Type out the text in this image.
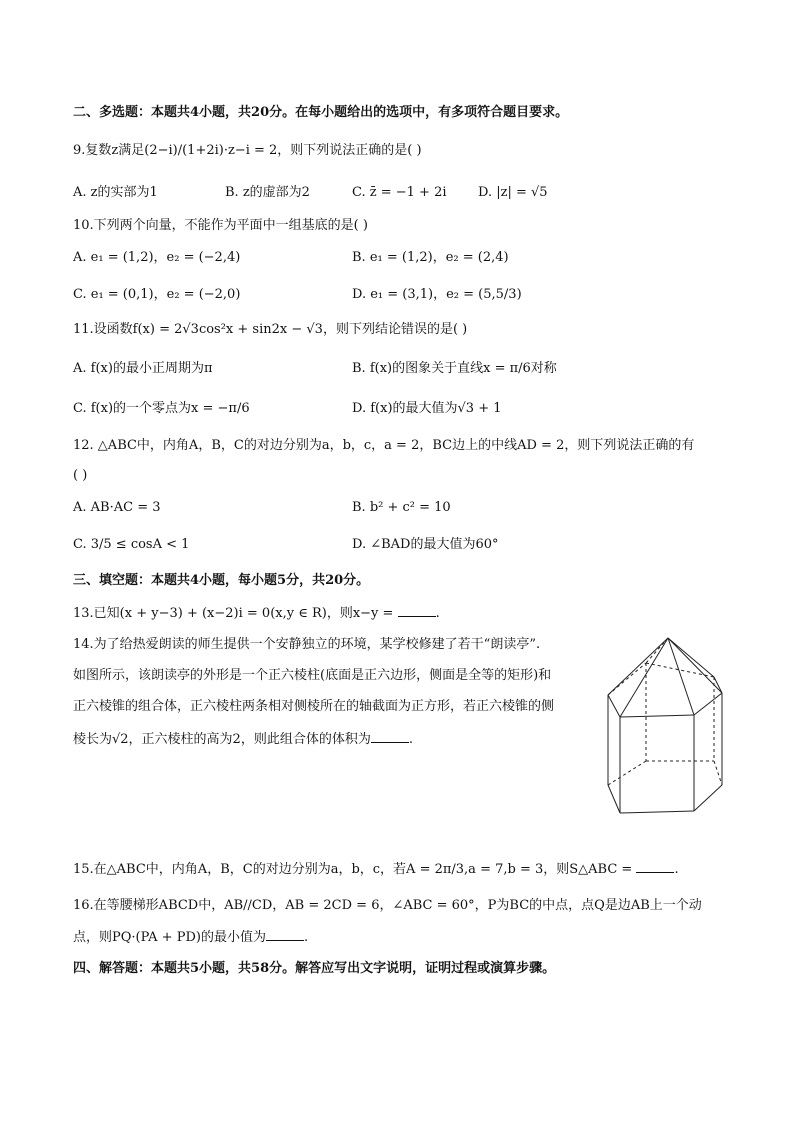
二、多选题：本题共4小题，共20分。在每小题给出的选项中，有多项符合题目要求。
9.复数z满足(2−i)/(1+2i)·z−i = 2，则下列说法正确的是( )
A. z的实部为1	B. z的虚部为2	C. z̄ = −1 + 2i D. |z| = √5
10.下列两个向量，不能作为平面中一组基底的是( )
A. e₁ = (1,2)，e₂ = (−2,4)	B. e₁ = (1,2)，e₂ = (2,4)
C. e₁ = (0,1)，e₂ = (−2,0)	D. e₁ = (3,1)，e₂ = (5,5/3)
11.设函数f(x) = 2√3cos²x + sin2x − √3，则下列结论错误的是( )
A. f(x)的最小正周期为π	B. f(x)的图象关于直线x = π/6对称
C. f(x)的一个零点为x = −π/6	D. f(x)的最大值为√3 + 1
12. △ABC中，内角A，B，C的对边分别为a，b，c，a = 2，BC边上的中线AD = 2，则下列说法正确的有
( )
A. AB·AC = 3	B. b² + c² = 10
C. 3/5 ≤ cosA < 1	D. ∠BAD的最大值为60°
三、填空题：本题共4小题，每小题5分，共20分。
13.已知(x + y−3) + (x−2)i = 0(x,y ∈ R)，则x−y =	.
14.为了给热爱朗读的师生提供一个安静独立的环境，某学校修建了若干“朗读亭”.
如图所示，该朗读亭的外形是一个正六棱柱(底面是正六边形，侧面是全等的矩形)和
正六棱锥的组合体，正六棱柱两条相对侧棱所在的轴截面为正方形，若正六棱锥的侧
棱长为√2，正六棱柱的高为2，则此组合体的体积为	.
15.在△ABC中，内角A，B，C的对边分别为a，b，c，若A = 2π/3,a = 7,b = 3，则S△ABC =	.
16.在等腰梯形ABCD中，AB//CD，AB = 2CD = 6，∠ABC = 60°，P为BC的中点，点Q是边AB上一个动
点，则PQ·(PA + PD)的最小值为	.
四、解答题：本题共5小题，共58分。解答应写出文字说明，证明过程或演算步骤。
